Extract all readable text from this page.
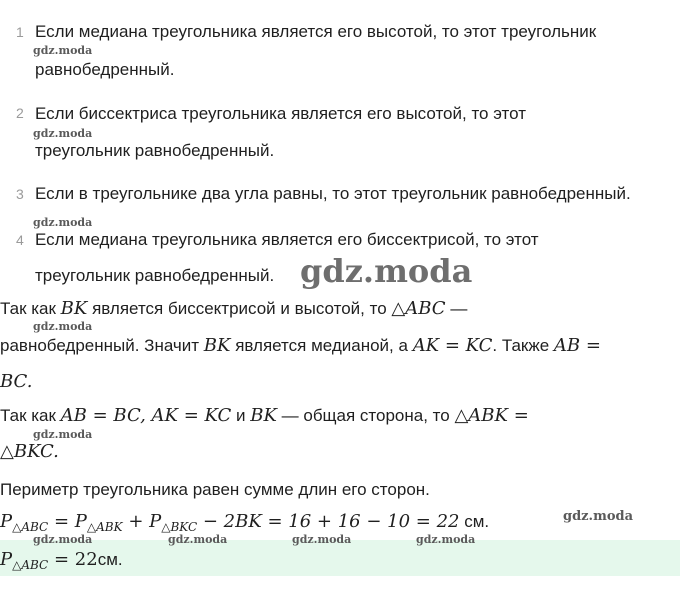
1 Если медиана треугольника является его высотой, то этот треугольник
равнобедренный.
2 Если биссектриса треугольника является его высотой, то этот
треугольник равнобедренный.
3 Если в треугольнике два угла равны, то этот треугольник равнобедренный.
4 Если медиана треугольника является его биссектрисой, то этот
треугольник равнобедренный.
Так как BK является биссектрисой и высотой, то △ABC —
равнобедренный. Значит BK является медианой, а AK = KC. Также AB =
BC.
Так как AB = BC, AK = KC и BK — общая сторона, то △ABK =
△BKC.
Периметр треугольника равен сумме длин его сторон.
$P_{\triangle ABC} = P_{\triangle ABK} + P_{\triangle BKC} - 2BK = 16 + 16 - 10 = 22$ см.
$P_{\triangle ABC} = 22см$.
gdz.moda
gdz.moda
gdz.moda
gdz.moda
gdz.moda
gdz.moda	gdz.moda	gdz.moda	gdz.moda
gdz.moda
gdz.moda
